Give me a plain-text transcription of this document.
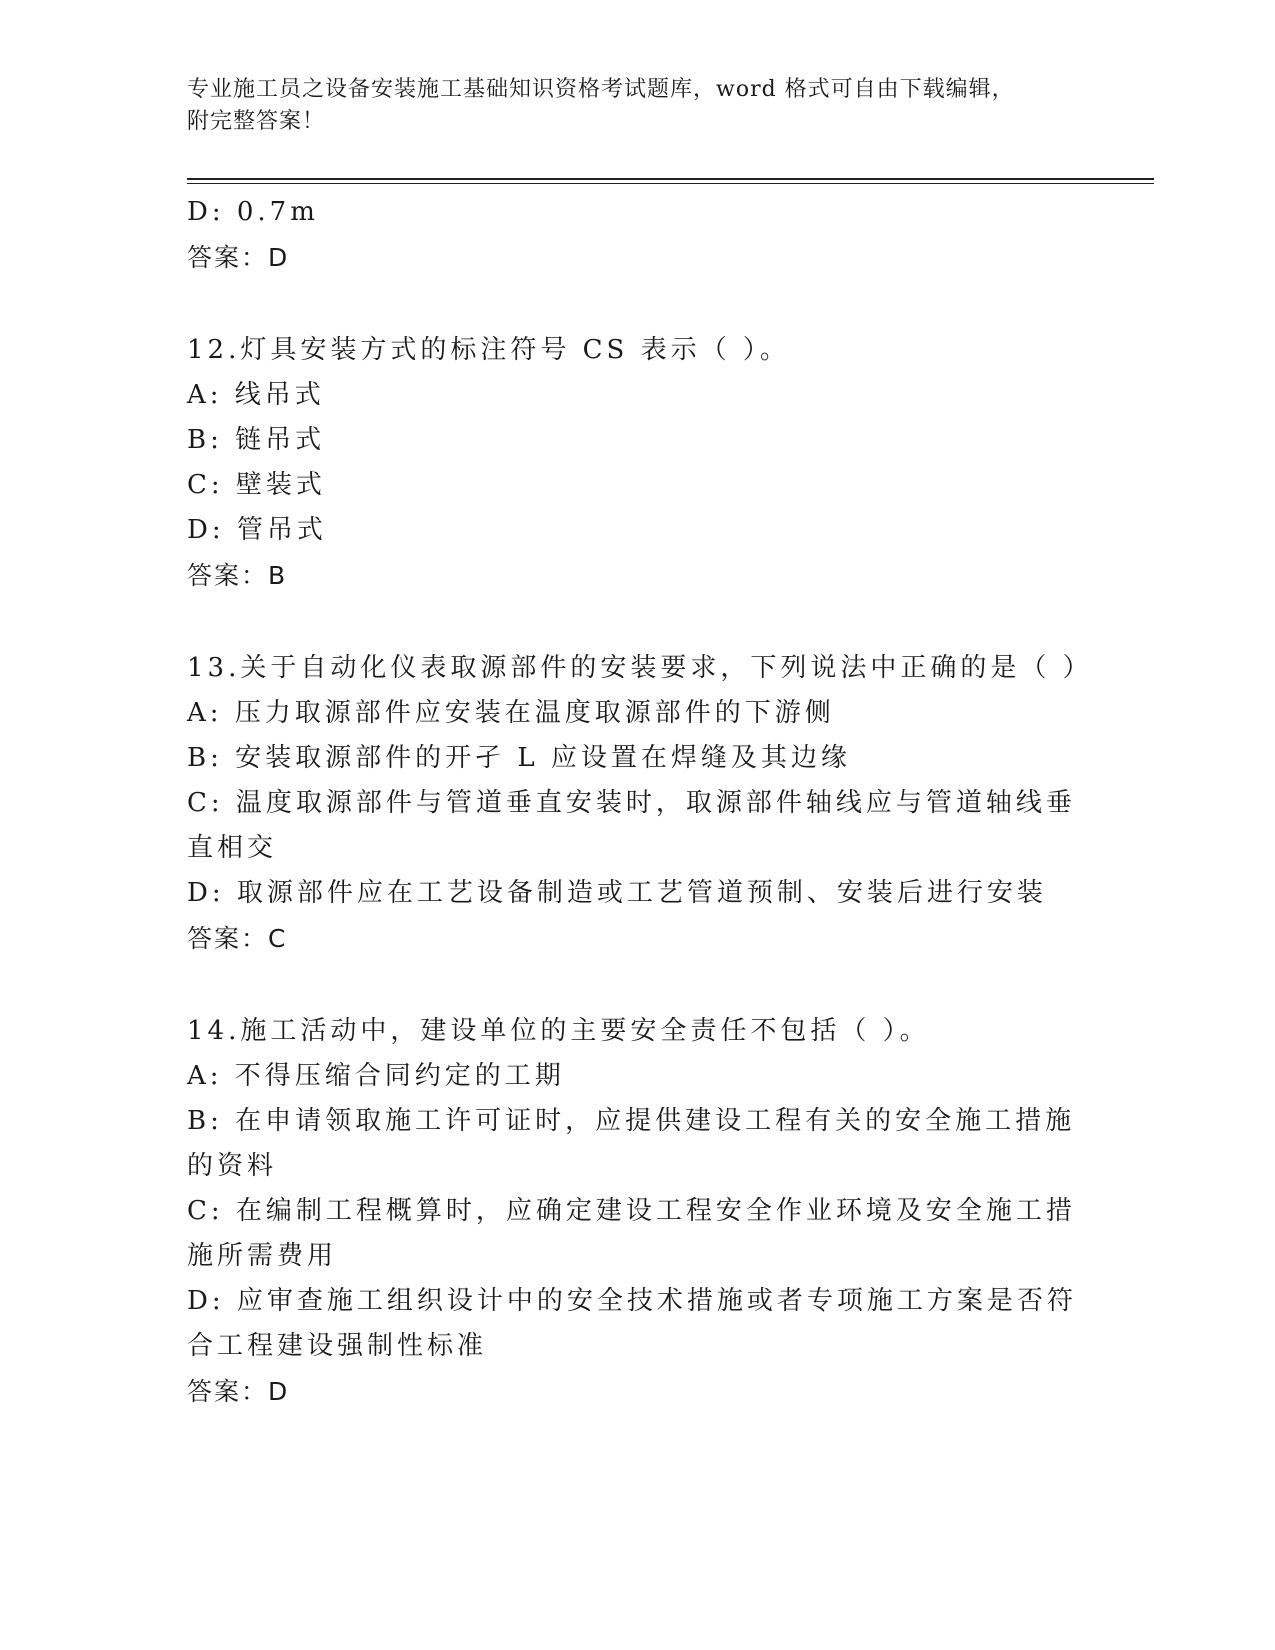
专业施工员之设备安装施工基础知识资格考试题库，word 格式可自由下载编辑，
附完整答案！
D: 0.7m
答案：D
12.灯具安装方式的标注符号 CS 表示（ ）。
A: 线吊式
B: 链吊式
C: 壁装式
D: 管吊式
答案：B
13.关于自动化仪表取源部件的安装要求，下列说法中正确的是（ ）
A: 压力取源部件应安装在温度取源部件的下游侧
B: 安装取源部件的开孑 L 应设置在焊缝及其边缘
C: 温度取源部件与管道垂直安装时，取源部件轴线应与管道轴线垂直相交
D: 取源部件应在工艺设备制造或工艺管道预制、安装后进行安装
答案：C
14.施工活动中，建设单位的主要安全责任不包括（ ）。
A: 不得压缩合同约定的工期
B: 在申请领取施工许可证时，应提供建设工程有关的安全施工措施的资料
C: 在编制工程概算时，应确定建设工程安全作业环境及安全施工措施所需费用
D: 应审查施工组织设计中的安全技术措施或者专项施工方案是否符合工程建设强制性标准
答案：D
